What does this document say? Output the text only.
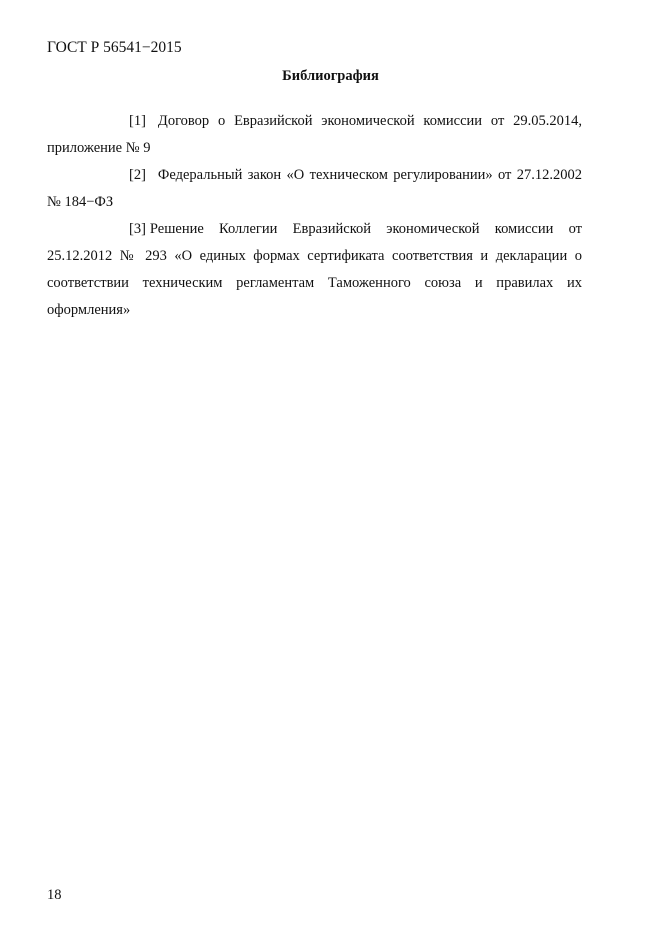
ГОСТ Р 56541−2015
Библиография

[1] Договор о Евразийской экономической комиссии от 29.05.2014, приложение № 9

[2] Федеральный закон «О техническом регулировании» от 27.12.2002 № 184−ФЗ

[3] Решение Коллегии Евразийской экономической комиссии от 25.12.2012 № 293 «О единых формах сертификата соответствия и декларации о соответствии техническим регламентам Таможенного союза и правилах их оформления»

18
